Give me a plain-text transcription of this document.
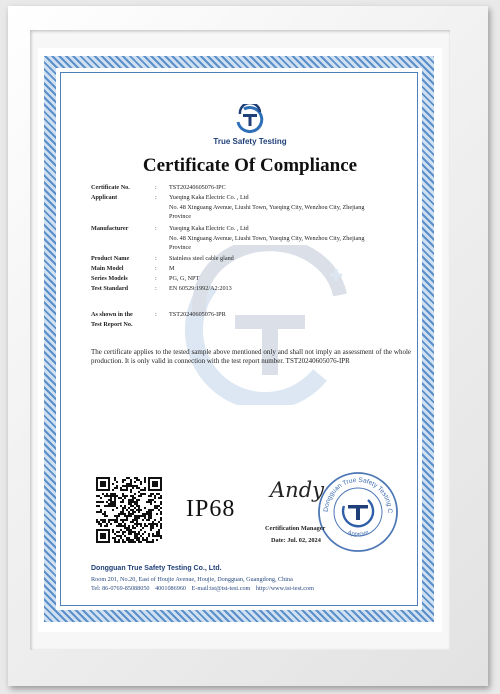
True Safety Testing
Certificate Of Compliance
Certificate No.	:	TST20240605076-IPC
Applicant	:	Yueqing Kaka Electric Co. , Ltd
No. 48 Xinguang Avenue, Liushi Town, Yueqing City, Wenzhou City, Zhejiang
Province
Manufacturer	:	Yueqing Kaka Electric Co. , Ltd
No. 48 Xinguang Avenue, Liushi Town, Yueqing City, Wenzhou City, Zhejiang
Province
Product Name	:	Stainless steel cable gland
Main Model	:	M
Series Models	:	PG, G, NPT
Test Standard	:	EN 60529:1992/A2:2013
As shown in the	:	TST20240605076-IPR
Test Report No.
The certificate applies to the tested sample above mentioned only and shall not imply an assessment of the whole production. It is only valid in connection with the test report number. TST20240605076-IPR
IP68
Andy
Dongguan True Safety Testing C
Approve
Certification Manager
Date: Jul. 02, 2024
Dongguan True Safety Testing Co., Ltd.
Room 201, No.20, East of Houjie Avenue, Houjie, Dongguan, Guangdong, China
Tel: 86-0769-85088050 4001086960 E-mail:tst@tst-test.com http://www.tst-test.com
